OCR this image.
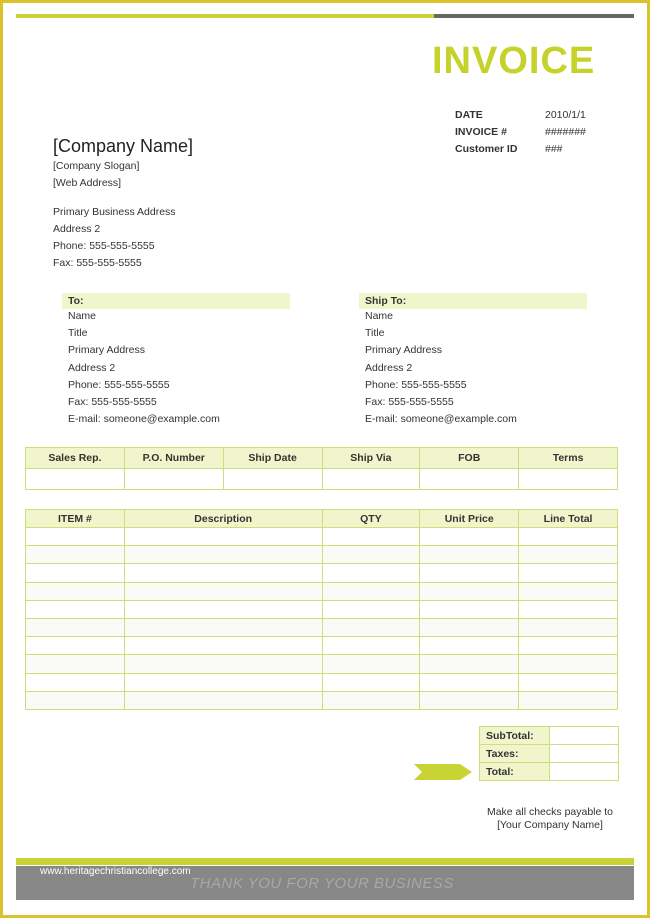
INVOICE
DATE	2010/1/1
INVOICE #	#######
Customer ID	###
[Company Name]
[Company Slogan]
[Web Address]
Primary Business Address
Address 2
Phone: 555-555-5555
Fax: 555-555-5555
To:
Name
Title
Primary Address
Address 2
Phone: 555-555-5555
Fax: 555-555-5555
E-mail: someone@example.com
Ship To:
Name
Title
Primary Address
Address 2
Phone: 555-555-5555
Fax: 555-555-5555
E-mail: someone@example.com
Sales Rep.	P.O. Number	Ship Date	Ship Via	FOB	Terms

ITEM #	Description	QTY	Unit Price	Line Total

SubTotal:	
Taxes:	
Total:	
Make all checks payable to
[Your Company Name]
www.heritagechristiancollege.com
THANK YOU FOR YOUR BUSINESS
